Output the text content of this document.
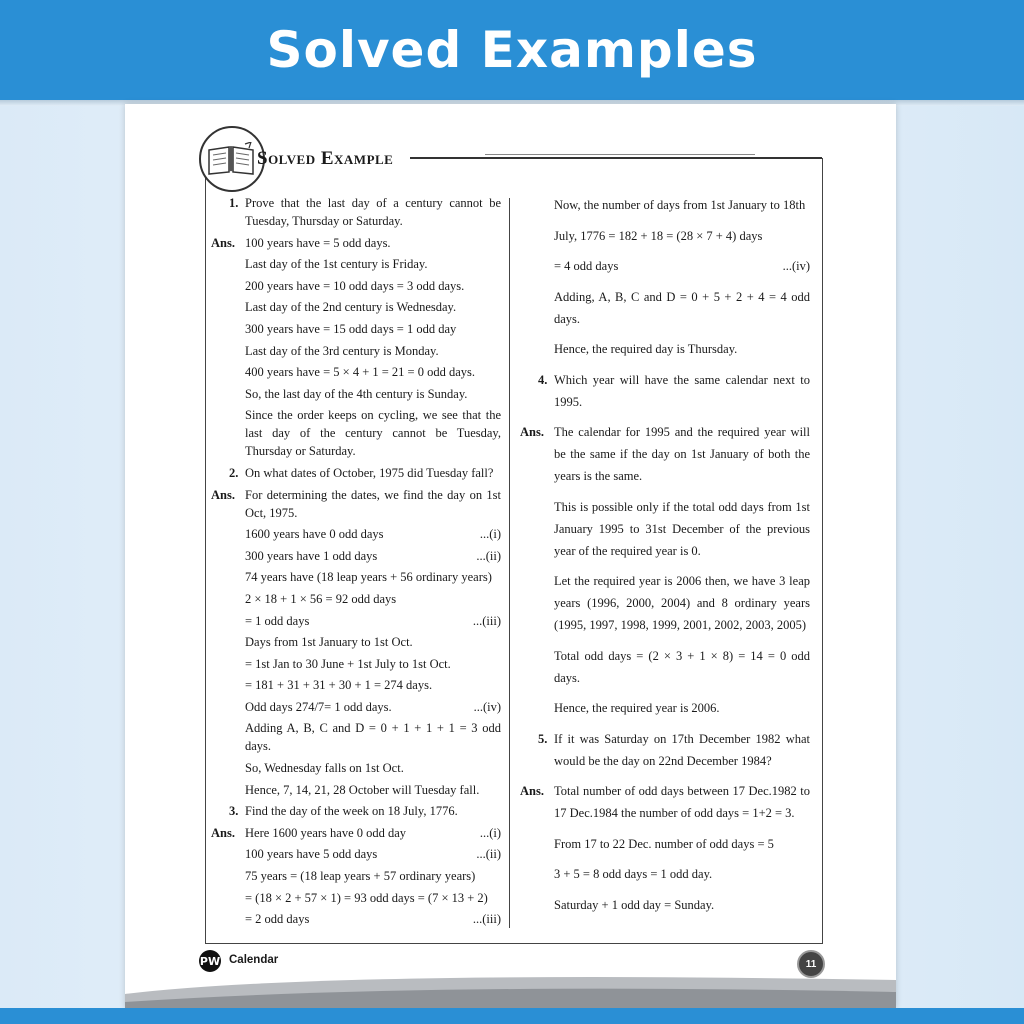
Solved Examples
Solved Example
1. Prove that the last day of a century cannot be Tuesday, Thursday or Saturday.
Ans. 100 years have = 5 odd days.
Last day of the 1st century is Friday.
200 years have = 10 odd days = 3 odd days.
Last day of the 2nd century is Wednesday.
300 years have = 15 odd days = 1 odd day
Last day of the 3rd century is Monday.
400 years have = 5 × 4 + 1 = 21 = 0 odd days.
So, the last day of the 4th century is Sunday.
Since the order keeps on cycling, we see that the last day of the century cannot be Tuesday, Thursday or Saturday.
2. On what dates of October, 1975 did Tuesday fall?
Ans. For determining the dates, we find the day on 1st Oct, 1975.
1600 years have 0 odd days	...(i)
300 years have 1 odd days	...(ii)
74 years have (18 leap years + 56 ordinary years)
2 × 18 + 1 × 56 = 92 odd days
= 1 odd days	...(iii)
Days from 1st January to 1st Oct.
= 1st Jan to 30 June + 1st July to 1st Oct.
= 181 + 31 + 31 + 30 + 1 = 274 days.
Odd days 274/7= 1 odd days.	...(iv)
Adding A, B, C and D = 0 + 1 + 1 + 1 = 3 odd days.
So, Wednesday falls on 1st Oct.
Hence, 7, 14, 21, 28 October will Tuesday fall.
3. Find the day of the week on 18 July, 1776.
Ans. Here 1600 years have 0 odd day	...(i)
100 years have 5 odd days	...(ii)
75 years = (18 leap years + 57 ordinary years)
= (18 × 2 + 57 × 1) = 93 odd days = (7 × 13 + 2)
= 2 odd days	...(iii)
Now, the number of days from 1st January to 18th
July, 1776 = 182 + 18 = (28 × 7 + 4) days
= 4 odd days	...(iv)
Adding, A, B, C and D = 0 + 5 + 2 + 4 = 4 odd days.
Hence, the required day is Thursday.
4. Which year will have the same calendar next to 1995.
Ans. The calendar for 1995 and the required year will be the same if the day on 1st January of both the years is the same.
This is possible only if the total odd days from 1st January 1995 to 31st December of the previous year of the required year is 0.
Let the required year is 2006 then, we have 3 leap years (1996, 2000, 2004) and 8 ordinary years (1995, 1997, 1998, 1999, 2001, 2002, 2003, 2005)
Total odd days = (2 × 3 + 1 × 8) = 14 = 0 odd days.
Hence, the required year is 2006.
5. If it was Saturday on 17th December 1982 what would be the day on 22nd December 1984?
Ans. Total number of odd days between 17 Dec.1982 to 17 Dec.1984 the number of odd days = 1+2 = 3.
From 17 to 22 Dec. number of odd days = 5
3 + 5 = 8 odd days = 1 odd day.
Saturday + 1 odd day = Sunday.
PW Calendar	11
